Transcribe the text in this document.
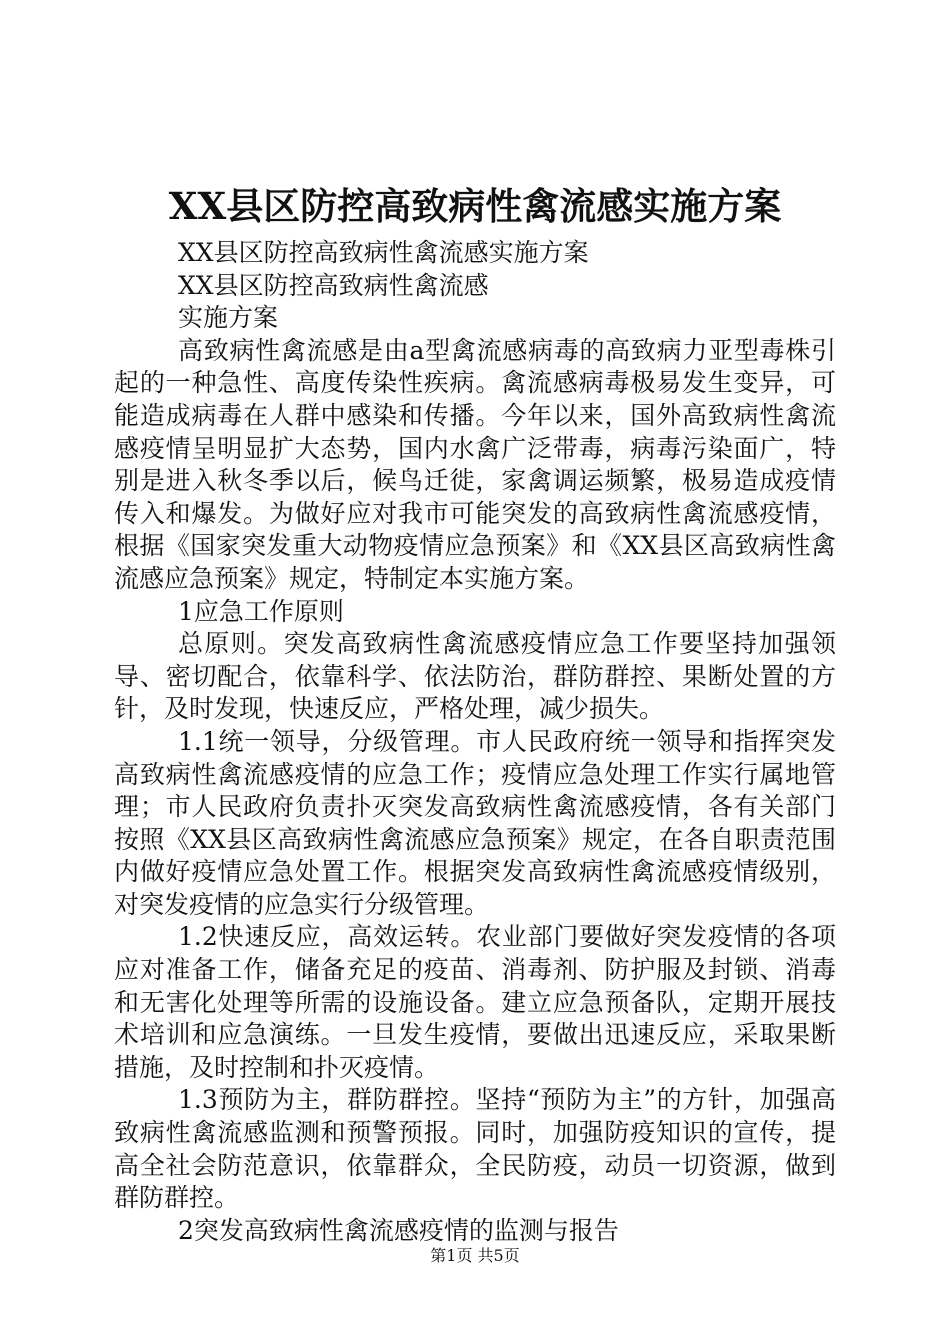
XX县区防控高致病性禽流感实施方案

XX县区防控高致病性禽流感实施方案

XX县区防控高致病性禽流感

实施方案

高致病性禽流感是由a型禽流感病毒的高致病力亚型毒株引起的一种急性、高度传染性疾病。禽流感病毒极易发生变异，可能造成病毒在人群中感染和传播。今年以来，国外高致病性禽流感疫情呈明显扩大态势，国内水禽广泛带毒，病毒污染面广，特别是进入秋冬季以后，候鸟迁徙，家禽调运频繁，极易造成疫情传入和爆发。为做好应对我市可能突发的高致病性禽流感疫情，根据《国家突发重大动物疫情应急预案》和《XX县区高致病性禽流感应急预案》规定，特制定本实施方案。

1应急工作原则

总原则。突发高致病性禽流感疫情应急工作要坚持加强领导、密切配合，依靠科学、依法防治，群防群控、果断处置的方针，及时发现，快速反应，严格处理，减少损失。

1.1统一领导，分级管理。市人民政府统一领导和指挥突发高致病性禽流感疫情的应急工作；疫情应急处理工作实行属地管理；市人民政府负责扑灭突发高致病性禽流感疫情，各有关部门按照《XX县区高致病性禽流感应急预案》规定，在各自职责范围内做好疫情应急处置工作。根据突发高致病性禽流感疫情级别，对突发疫情的应急实行分级管理。

1.2快速反应，高效运转。农业部门要做好突发疫情的各项应对准备工作，储备充足的疫苗、消毒剂、防护服及封锁、消毒和无害化处理等所需的设施设备。建立应急预备队，定期开展技术培训和应急演练。一旦发生疫情，要做出迅速反应，采取果断措施，及时控制和扑灭疫情。

1.3预防为主，群防群控。坚持“预防为主”的方针，加强高致病性禽流感监测和预警预报。同时，加强防疫知识的宣传，提高全社会防范意识，依靠群众，全民防疫，动员一切资源，做到群防群控。

2突发高致病性禽流感疫情的监测与报告

第1页 共5页
